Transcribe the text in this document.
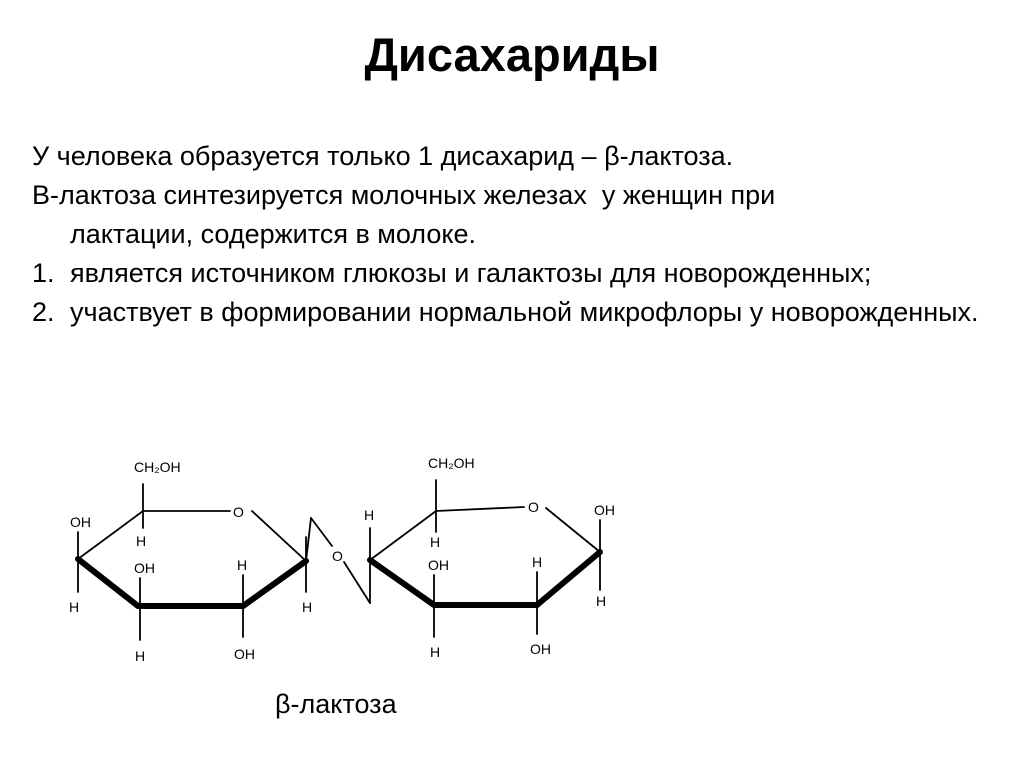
Дисахариды

У человека образуется только 1 дисахарид – β-лактоза.

В-лактоза синтезируется молочных железах  у женщин при

лактации, содержится в молоке.

1. является источником глюкозы и галактозы для новорожденных;
2. участвует в формировании нормальной микрофлоры у новорожденных.
CH₂OH
O
OH
H
H
OH
H
H
OH
H
O
CH₂OH
O
H
H
OH
H
H
OH
OH
H
β-лактоза
